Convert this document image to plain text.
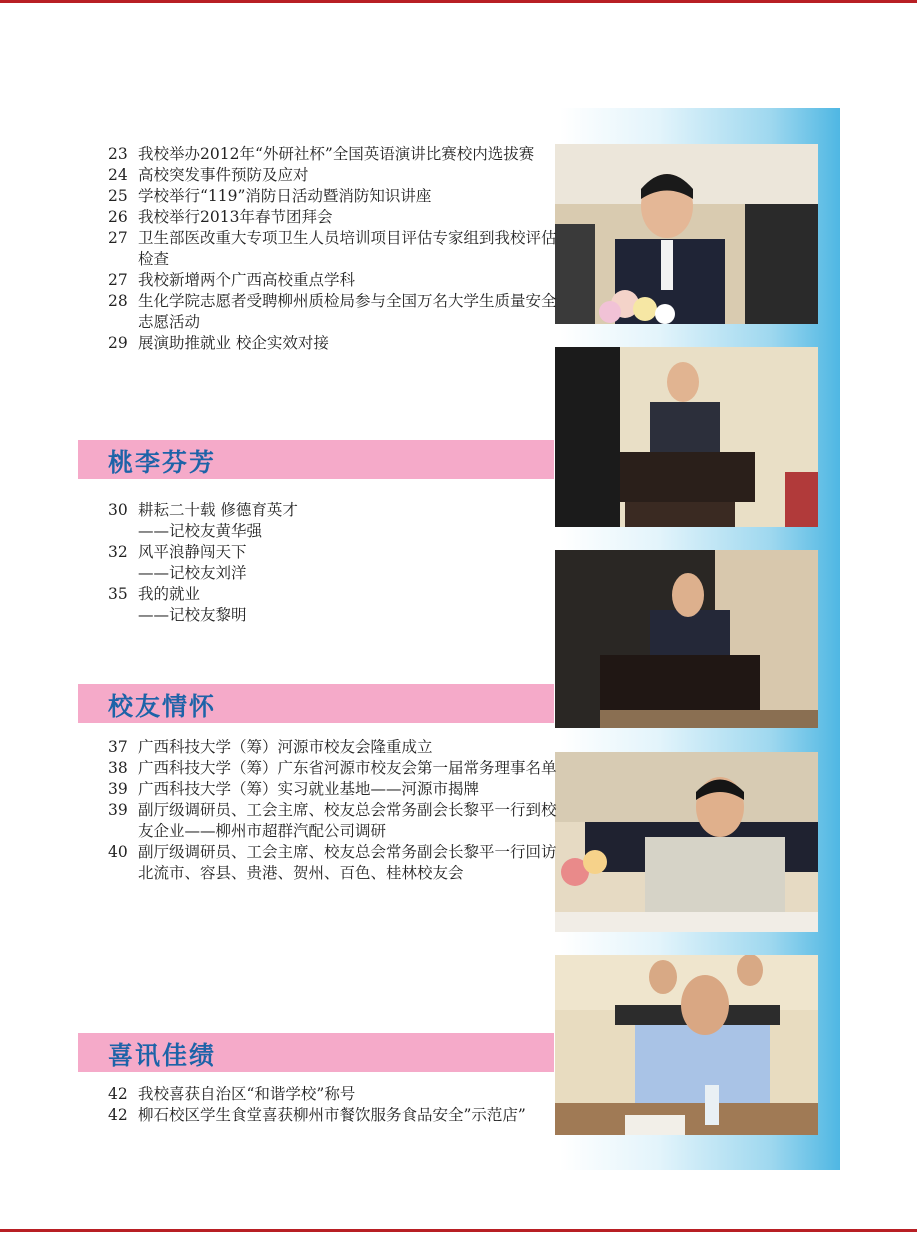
23 我校举办2012年“外研社杯”全国英语演讲比赛校内选拔赛
24 高校突发事件预防及应对
25 学校举行“119”消防日活动暨消防知识讲座
26 我校举行2013年春节团拜会
27 卫生部医改重大专项卫生人员培训项目评估专家组到我校评估检查
27 我校新增两个广西高校重点学科
28 生化学院志愿者受聘柳州质检局参与全国万名大学生质量安全志愿活动
29 展演助推就业 校企实效对接
桃李芬芳
30 耕耘二十载 修德育英才
——记校友黄华强
32 风平浪静闯天下
——记校友刘洋
35 我的就业
——记校友黎明
校友情怀
37 广西科技大学（筹）河源市校友会隆重成立
38 广西科技大学（筹）广东省河源市校友会第一届常务理事名单
39 广西科技大学（筹）实习就业基地——河源市揭牌
39 副厅级调研员、工会主席、校友总会常务副会长黎平一行到校友企业——柳州市超群汽配公司调研
40 副厅级调研员、工会主席、校友总会常务副会长黎平一行回访北流市、容县、贵港、贺州、百色、桂林校友会
喜讯佳绩
42 我校喜获自治区“和谐学校”称号
42 柳石校区学生食堂喜获柳州市餐饮服务食品安全”示范店”
